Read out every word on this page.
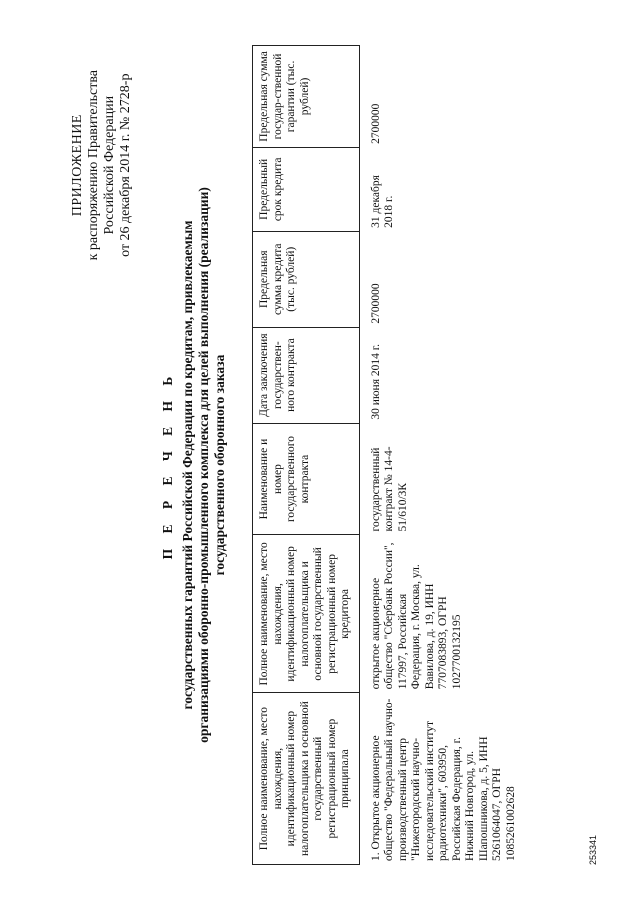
ПРИЛОЖЕНИЕ к распоряжению Правительства Российской Федерации от 26 декабря 2014 г. № 2728-р
П Е Р Е Ч Е Н Ь государственных гарантий Российской Федерации по кредитам, привлекаемым организациями оборонно-промышленного комплекса для целей выполнения (реализации) государственного оборонного заказа
Полное наименование, место нахождения, идентификационный номер налогоплательщика и основной государственный регистрационный номер принципала	Полное наименование, место нахождения, идентификационный номер налогоплательщика и основной государственный регистрационный номер кредитора	Наименование и номер государственного контракта	Дата заключения государствен-ного контракта	Предельная сумма кредита (тыс. рублей)	Предельный срок кредита	Предельная сумма государ-ственной гарантии (тыс. рублей)
1. Открытое акционерное общество "Федеральный научно-производственный центр "Нижегородский научно-исследовательский институт радиотехники", 603950, Российская Федерация, г. Нижний Новгород, ул. Шапошникова, д. 5, ИНН 5261064047, ОГРН 1085261002628	открытое акционерное общество "Сбербанк России", 117997, Российская Федерация, г. Москва, ул. Вавилова, д. 19, ИНН 7707083893, ОГРН 1027700132195	государственный контракт № 14-4-51/610/ЗК	30 июня 2014 г.	2700000	31 декабря 2018 г.	2700000
253341
